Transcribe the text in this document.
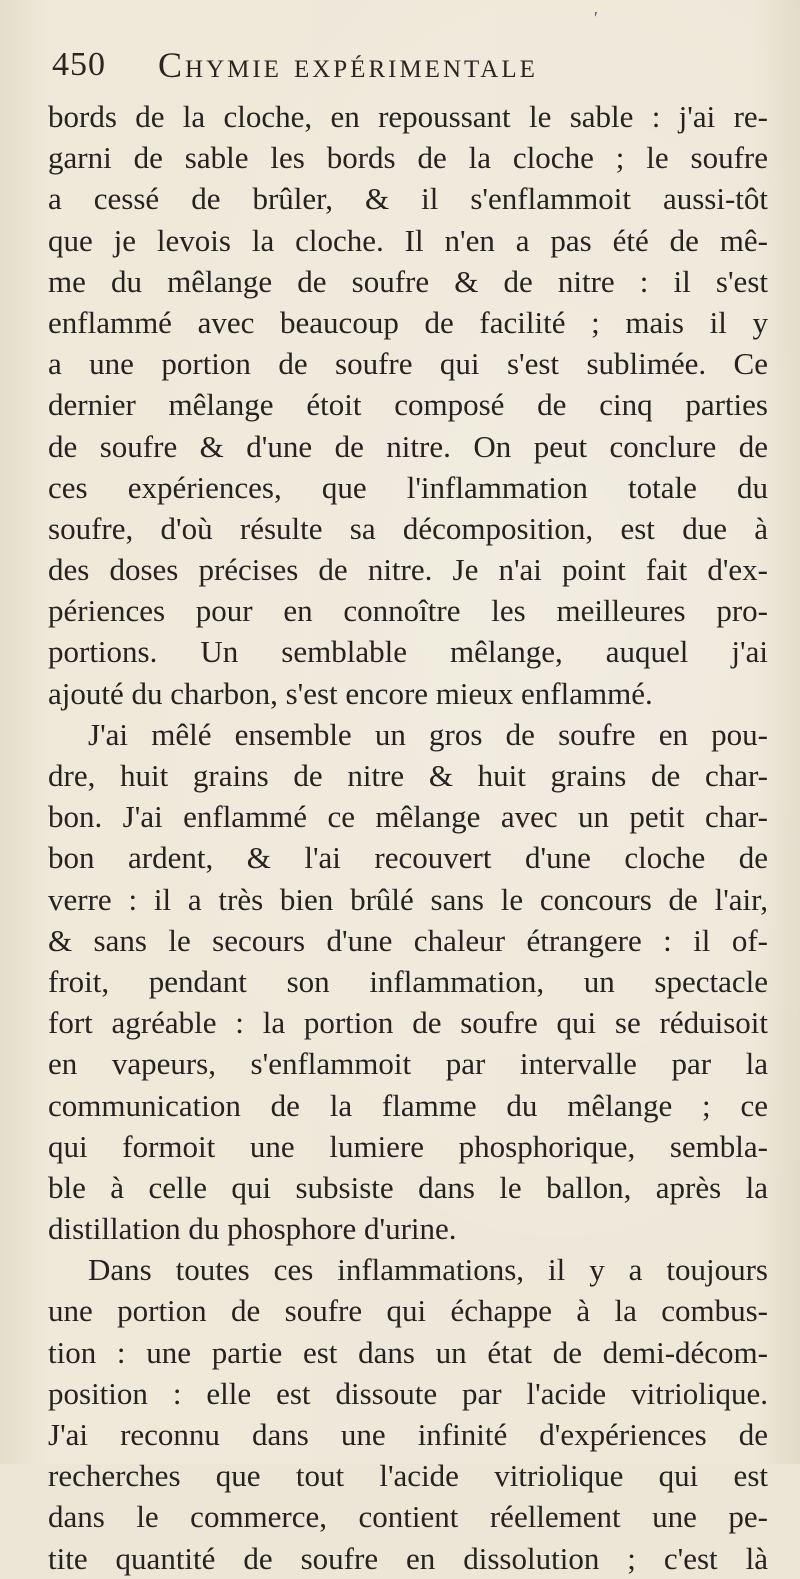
′
450 Chymie expérimentale
bords de la cloche, en repoussant le sable : j'ai re-
garni de sable les bords de la cloche ; le soufre
a cessé de brûler, & il s'enflammoit aussi-tôt
que je levois la cloche. Il n'en a pas été de mê-
me du mêlange de soufre & de nitre : il s'est
enflammé avec beaucoup de facilité ; mais il y
a une portion de soufre qui s'est sublimée. Ce
dernier mêlange étoit composé de cinq parties
de soufre & d'une de nitre. On peut conclure de
ces expériences, que l'inflammation totale du
soufre, d'où résulte sa décomposition, est due à
des doses précises de nitre. Je n'ai point fait d'ex-
périences pour en connoître les meilleures pro-
portions. Un semblable mêlange, auquel j'ai
ajouté du charbon, s'est encore mieux enflammé.
J'ai mêlé ensemble un gros de soufre en pou-
dre, huit grains de nitre & huit grains de char-
bon. J'ai enflammé ce mêlange avec un petit char-
bon ardent, & l'ai recouvert d'une cloche de
verre : il a très bien brûlé sans le concours de l'air,
& sans le secours d'une chaleur étrangere : il of-
froit, pendant son inflammation, un spectacle
fort agréable : la portion de soufre qui se réduisoit
en vapeurs, s'enflammoit par intervalle par la
communication de la flamme du mêlange ; ce
qui formoit une lumiere phosphorique, sembla-
ble à celle qui subsiste dans le ballon, après la
distillation du phosphore d'urine.
Dans toutes ces inflammations, il y a toujours
une portion de soufre qui échappe à la combus-
tion : une partie est dans un état de demi-décom-
position : elle est dissoute par l'acide vitriolique.
J'ai reconnu dans une infinité d'expériences de
recherches que tout l'acide vitriolique qui est
dans le commerce, contient réellement une pe-
tite quantité de soufre en dissolution ; c'est là
